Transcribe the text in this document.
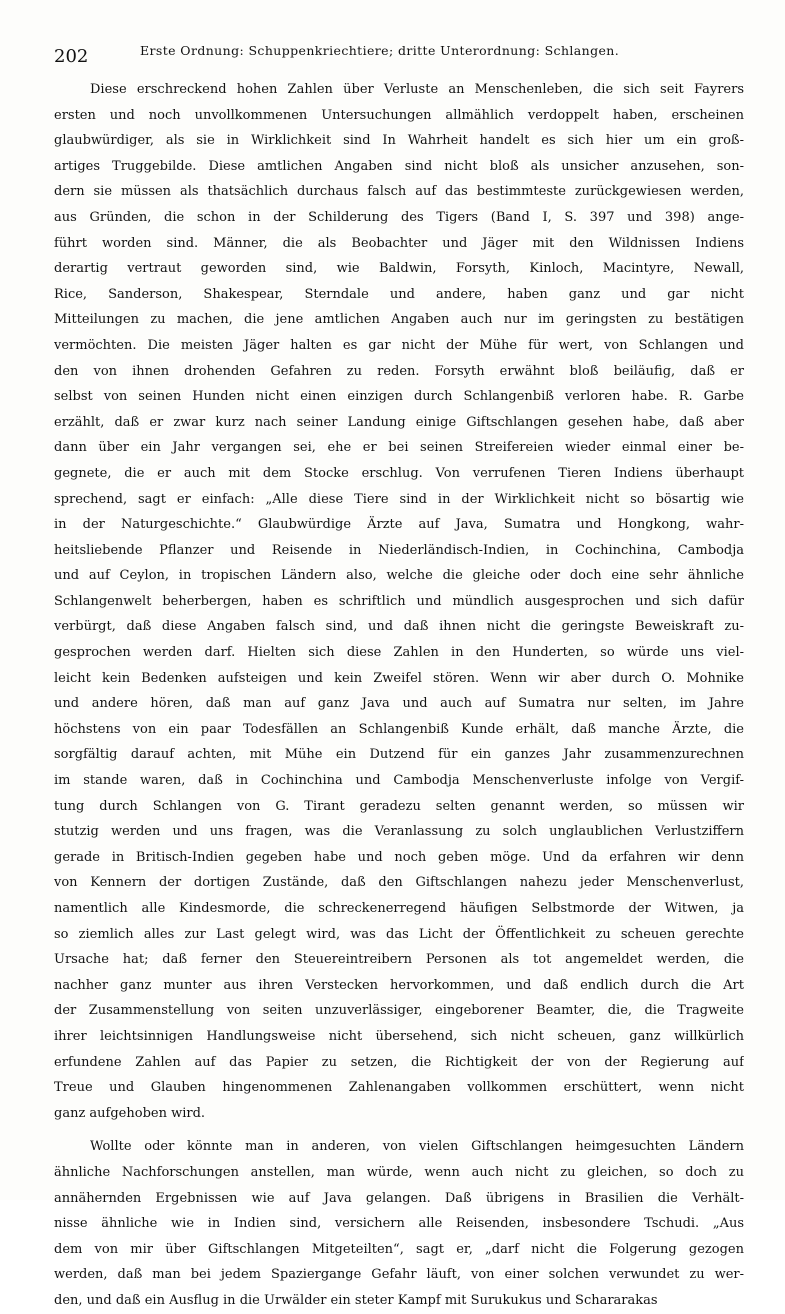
202	Erste Ordnung: Schuppenkriechtiere; dritte Unterordnung: Schlangen.
Diese erschreckend hohen Zahlen über Verluste an Menschenleben, die sich seit Fayrers
ersten und noch unvollkommenen Untersuchungen allmählich verdoppelt haben, erscheinen
glaubwürdiger, als sie in Wirklichkeit sind In Wahrheit handelt es sich hier um ein groß-
artiges Truggebilde. Diese amtlichen Angaben sind nicht bloß als unsicher anzusehen, son-
dern sie müssen als thatsächlich durchaus falsch auf das bestimmteste zurückgewiesen werden,
aus Gründen, die schon in der Schilderung des Tigers (Band I, S. 397 und 398) ange-
führt worden sind. Männer, die als Beobachter und Jäger mit den Wildnissen Indiens
derartig vertraut geworden sind, wie Baldwin, Forsyth, Kinloch, Macintyre, Newall,
Rice, Sanderson, Shakespear, Sterndale und andere, haben ganz und gar nicht
Mitteilungen zu machen, die jene amtlichen Angaben auch nur im geringsten zu bestätigen
vermöchten. Die meisten Jäger halten es gar nicht der Mühe für wert, von Schlangen und
den von ihnen drohenden Gefahren zu reden. Forsyth erwähnt bloß beiläufig, daß er
selbst von seinen Hunden nicht einen einzigen durch Schlangenbiß verloren habe. R. Garbe
erzählt, daß er zwar kurz nach seiner Landung einige Giftschlangen gesehen habe, daß aber
dann über ein Jahr vergangen sei, ehe er bei seinen Streifereien wieder einmal einer be-
gegnete, die er auch mit dem Stocke erschlug. Von verrufenen Tieren Indiens überhaupt
sprechend, sagt er einfach: „Alle diese Tiere sind in der Wirklichkeit nicht so bösartig wie
in der Naturgeschichte.“ Glaubwürdige Ärzte auf Java, Sumatra und Hongkong, wahr-
heitsliebende Pflanzer und Reisende in Niederländisch-Indien, in Cochinchina, Cambodja
und auf Ceylon, in tropischen Ländern also, welche die gleiche oder doch eine sehr ähnliche
Schlangenwelt beherbergen, haben es schriftlich und mündlich ausgesprochen und sich dafür
verbürgt, daß diese Angaben falsch sind, und daß ihnen nicht die geringste Beweiskraft zu-
gesprochen werden darf. Hielten sich diese Zahlen in den Hunderten, so würde uns viel-
leicht kein Bedenken aufsteigen und kein Zweifel stören. Wenn wir aber durch O. Mohnike
und andere hören, daß man auf ganz Java und auch auf Sumatra nur selten, im Jahre
höchstens von ein paar Todesfällen an Schlangenbiß Kunde erhält, daß manche Ärzte, die
sorgfältig darauf achten, mit Mühe ein Dutzend für ein ganzes Jahr zusammenzurechnen
im stande waren, daß in Cochinchina und Cambodja Menschenverluste infolge von Vergif-
tung durch Schlangen von G. Tirant geradezu selten genannt werden, so müssen wir
stutzig werden und uns fragen, was die Veranlassung zu solch unglaublichen Verlustziffern
gerade in Britisch-Indien gegeben habe und noch geben möge. Und da erfahren wir denn
von Kennern der dortigen Zustände, daß den Giftschlangen nahezu jeder Menschenverlust,
namentlich alle Kindesmorde, die schreckenerregend häufigen Selbstmorde der Witwen, ja
so ziemlich alles zur Last gelegt wird, was das Licht der Öffentlichkeit zu scheuen gerechte
Ursache hat; daß ferner den Steuereintreibern Personen als tot angemeldet werden, die
nachher ganz munter aus ihren Verstecken hervorkommen, und daß endlich durch die Art
der Zusammenstellung von seiten unzuverlässiger, eingeborener Beamter, die, die Tragweite
ihrer leichtsinnigen Handlungsweise nicht übersehend, sich nicht scheuen, ganz willkürlich
erfundene Zahlen auf das Papier zu setzen, die Richtigkeit der von der Regierung auf
Treue und Glauben hingenommenen Zahlenangaben vollkommen erschüttert, wenn nicht
ganz aufgehoben wird.
Wollte oder könnte man in anderen, von vielen Giftschlangen heimgesuchten Ländern
ähnliche Nachforschungen anstellen, man würde, wenn auch nicht zu gleichen, so doch zu
annähernden Ergebnissen wie auf Java gelangen. Daß übrigens in Brasilien die Verhält-
nisse ähnliche wie in Indien sind, versichern alle Reisenden, insbesondere Tschudi. „Aus
dem von mir über Giftschlangen Mitgeteilten“, sagt er, „darf nicht die Folgerung gezogen
werden, daß man bei jedem Spaziergange Gefahr läuft, von einer solchen verwundet zu wer-
den, und daß ein Ausflug in die Urwälder ein steter Kampf mit Surukukus und Schararakas
